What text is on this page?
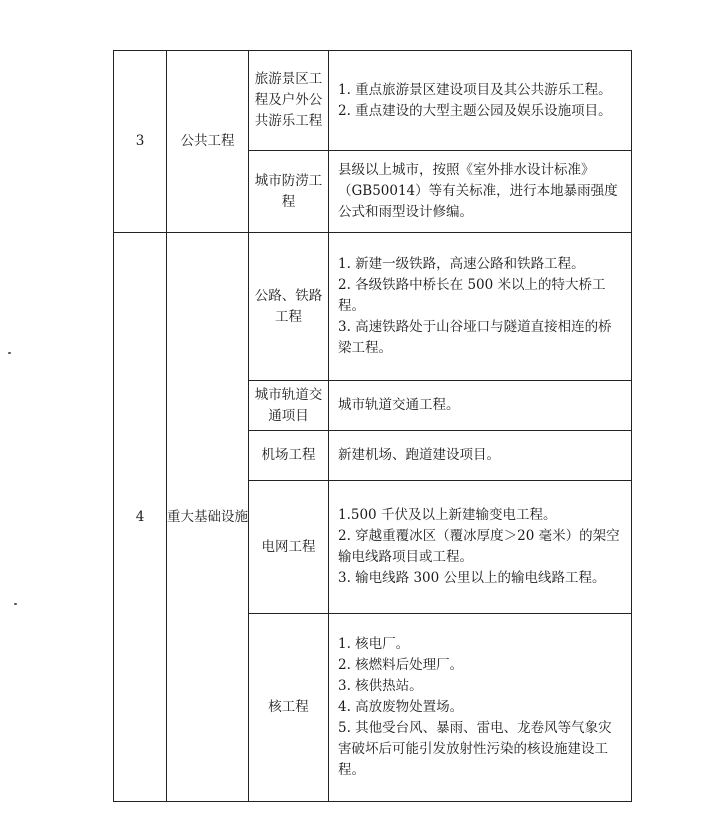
3	公共工程	旅游景区工程及户外公共游乐工程	1. 重点旅游景区建设项目及其公共游乐工程。
2. 重点建设的大型主题公园及娱乐设施项目。

		城市防涝工程	县级以上城市，按照《室外排水设计标准》（GB50014）等有关标准，进行本地暴雨强度公式和雨型设计修编。

4	重大基础设施	公路、铁路工程	1. 新建一级铁路，高速公路和铁路工程。
2. 各级铁路中桥长在 500 米以上的特大桥工程。
3. 高速铁路处于山谷垭口与隧道直接相连的桥梁工程。

		城市轨道交通项目	城市轨道交通工程。

		机场工程	新建机场、跑道建设项目。

		电网工程	1.500 千伏及以上新建输变电工程。
2. 穿越重覆冰区（覆冰厚度＞20 毫米）的架空输电线路项目或工程。
3. 输电线路 300 公里以上的输电线路工程。

		核工程	1. 核电厂。
2. 核燃料后处理厂。
3. 核供热站。
4. 高放废物处置场。
5. 其他受台风、暴雨、雷电、龙卷风等气象灾害破坏后可能引发放射性污染的核设施建设工程。
